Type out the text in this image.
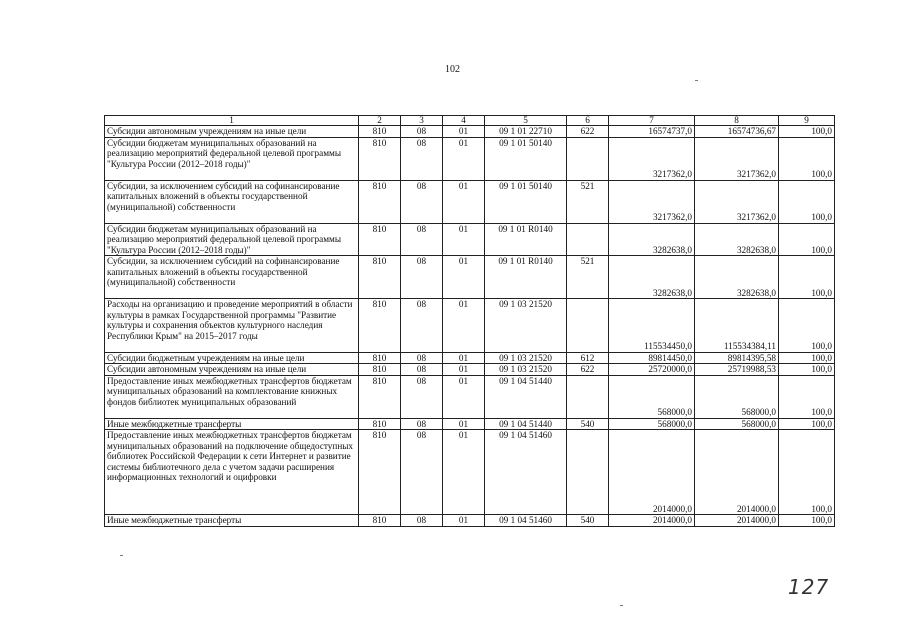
102
1	2	3	4	5	6	7	8	9
Субсидии автономным учреждениям на иные цели	810	08	01	09 1 01 22710	622	16574737,0	16574736,67	100,0
Субсидии бюджетам муниципальных образований на реализацию мероприятий федеральной целевой программы "Культура России (2012–2018 годы)"	810	08	01	09 1 01 50140		3217362,0	3217362,0	100,0
Субсидии, за исключением субсидий на софинансирование капитальных вложений в объекты государственной (муниципальной) собственности	810	08	01	09 1 01 50140	521	3217362,0	3217362,0	100,0
Субсидии бюджетам муниципальных образований на реализацию мероприятий федеральной целевой программы "Культура России (2012–2018 годы)"	810	08	01	09 1 01 R0140		3282638,0	3282638,0	100,0
Субсидии, за исключением субсидий на софинансирование капитальных вложений в объекты государственной (муниципальной) собственности	810	08	01	09 1 01 R0140	521	3282638,0	3282638,0	100,0
Расходы на организацию и проведение мероприятий в области культуры в рамках Государственной программы "Развитие культуры и сохранения объектов культурного наследия Республики Крым" на 2015–2017 годы	810	08	01	09 1 03 21520		115534450,0	115534384,11	100,0
Субсидии бюджетным учреждениям на иные цели	810	08	01	09 1 03 21520	612	89814450,0	89814395,58	100,0
Субсидии автономным учреждениям на иные цели	810	08	01	09 1 03 21520	622	25720000,0	25719988,53	100,0
Предоставление иных межбюджетных трансфертов бюджетам муниципальных образований на комплектование книжных фондов библиотек муниципальных образований	810	08	01	09 1 04 51440		568000,0	568000,0	100,0
Иные межбюджетные трансферты	810	08	01	09 1 04 51440	540	568000,0	568000,0	100,0
Предоставление иных межбюджетных трансфертов бюджетам муниципальных образований на подключение общедоступных библиотек Российской Федерации к сети Интернет и развитие системы библиотечного дела с учетом задачи расширения информационных технологий и оцифровки	810	08	01	09 1 04 51460		2014000,0	2014000,0	100,0
Иные межбюджетные трансферты	810	08	01	09 1 04 51460	540	2014000,0	2014000,0	100,0
127
